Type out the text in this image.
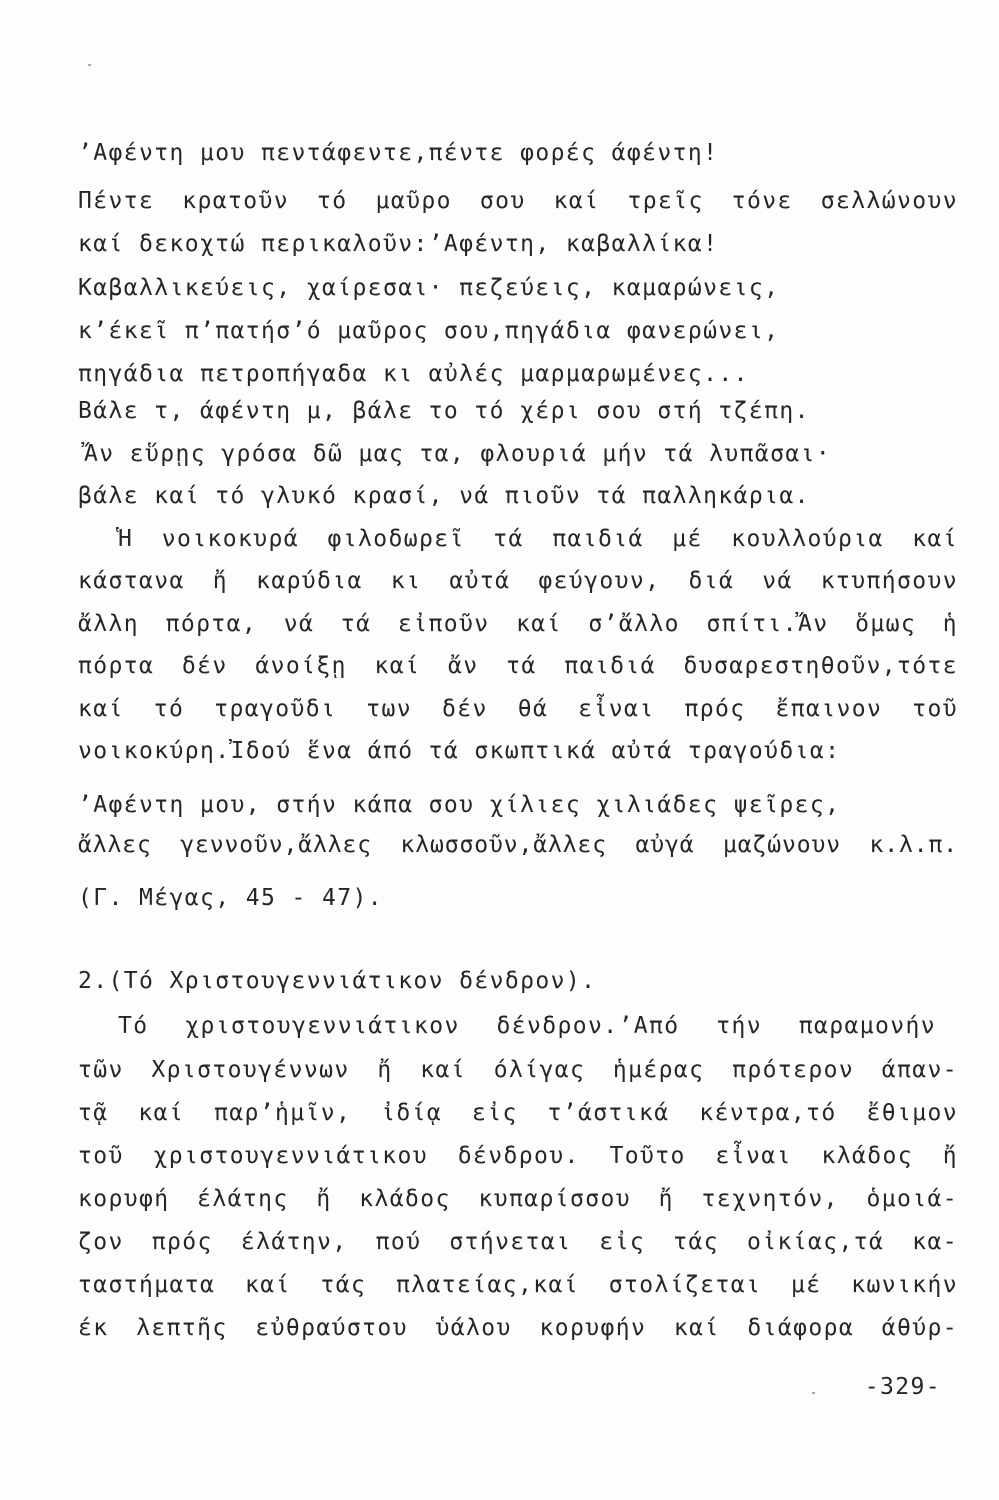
’Αφέντη μου πεντάφεντε,πέντε φορές άφέντη!
Πέντε κρατοῦν τό μαῦρο σου καί τρεῖς τόνε σελλώνουν
καί δεκοχτώ περικαλοῦν:’Αφέντη, καβαλλίκα!
Καβαλλικεύεις, χαίρεσαι· πεζεύεις, καμαρώνεις,
κ’έκεῖ π’πατήσ’ό μαῦρος σου,πηγάδια φανερώνει,
πηγάδια πετροπήγαδα κι αὐλές μαρμαρωμένες...
Βάλε τ, άφέντη μ, βάλε το τό χέρι σου στή τζέπη.
Ἄν εὕρῃς γρόσα δῶ μας τα, φλουριά μήν τά λυπᾶσαι·
βάλε καί τό γλυκό κρασί, νά πιοῦν τά παλληκάρια.
Ἡ νοικοκυρά φιλοδωρεῖ τά παιδιά μέ κουλλούρια καί
κάστανα ἤ καρύδια κι αὐτά φεύγουν, διά νά κτυπήσουν
ἄλλη πόρτα, νά τά εἰποῦν καί σ’ἄλλο σπίτι.Ἄν ὅμως ἡ
πόρτα δέν άνοίξῃ καί ἄν τά παιδιά δυσαρεστηθοῦν,τότε
καί τό τραγοῦδι των δέν θά εἶναι πρός ἔπαινον τοῦ
νοικοκύρη.Ἰδού ἕνα άπό τά σκωπτικά αὐτά τραγούδια:
’Αφέντη μου, στήν κάπα σου χίλιες χιλιάδες ψεῖρες,
ἄλλες γεννοῦν,ἄλλες κλωσσοῦν,ἄλλες αὐγά μαζώνουν κ.λ.π.
(Γ. Μέγας, 45 - 47).
2.(Τό Χριστουγεννιάτικον δένδρον).
Τό χριστουγεννιάτικον δένδρον.’Από τήν παραμονήν
τῶν Χριστουγέννων ἤ καί όλίγας ἡμέρας πρότερον άπαν-
τᾷ καί παρ’ἡμῖν, ἰδίᾳ εἰς τ’άστικά κέντρα,τό ἔθιμον
τοῦ χριστουγεννιάτικου δένδρου. Τοῦτο εἶναι κλάδος ἤ
κορυφή έλάτης ἤ κλάδος κυπαρίσσου ἤ τεχνητόν, ὁμοιά-
ζον πρός έλάτην, πού στήνεται εἰς τάς οἰκίας,τά κα-
ταστήματα καί τάς πλατείας,καί στολίζεται μέ κωνικήν
έκ λεπτῆς εὐθραύστου ὑάλου κορυφήν καί διάφορα άθύρ-
-329-
